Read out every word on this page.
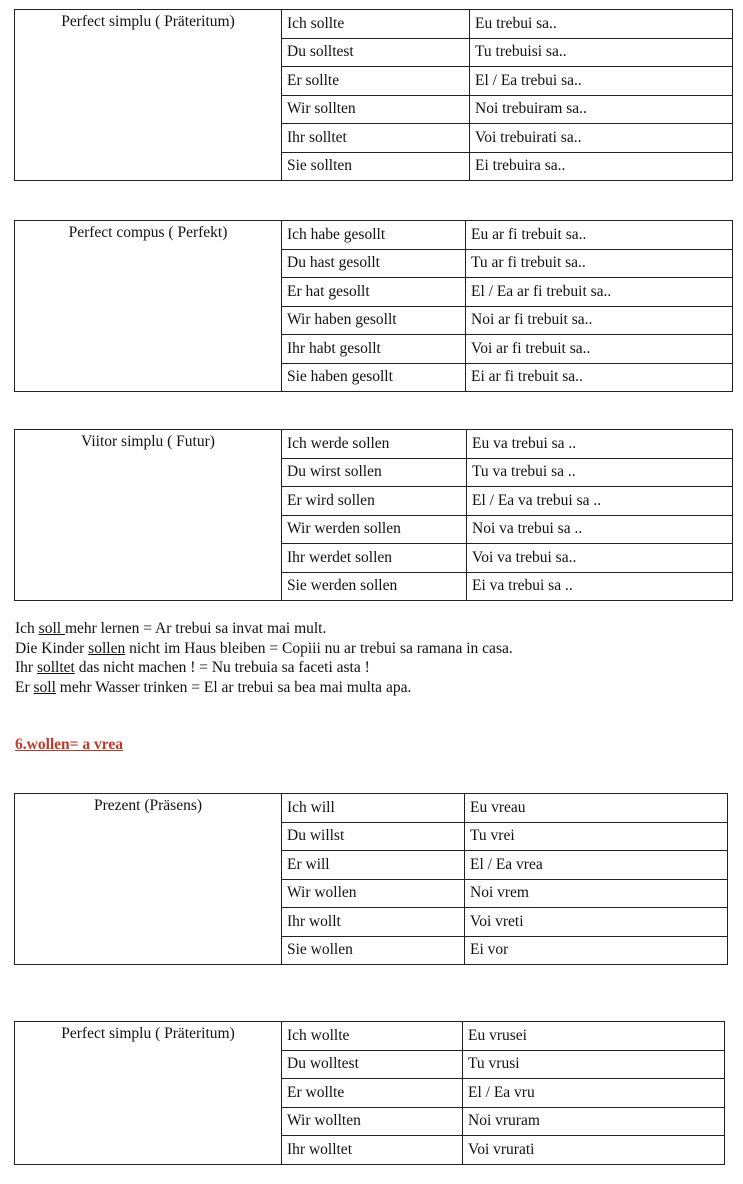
Perfect simplu ( Präteritum)	Ich sollte	Eu trebui sa..
	Du solltest	Tu trebuisi sa..
	Er sollte	El / Ea trebui sa..
	Wir sollten	Noi trebuiram sa..
	Ihr solltet	Voi trebuirati sa..
	Sie sollten	Ei trebuira sa..
Perfect compus ( Perfekt)	Ich habe gesollt	Eu ar fi trebuit sa..
	Du hast gesollt	Tu ar fi trebuit sa..
	Er hat gesollt	El / Ea ar fi trebuit sa..
	Wir haben gesollt	Noi ar fi trebuit sa..
	Ihr habt gesollt	Voi ar fi trebuit sa..
	Sie haben gesollt	Ei ar fi trebuit sa..
Viitor simplu ( Futur)	Ich werde sollen	Eu va trebui sa ..
	Du wirst sollen	Tu va trebui sa ..
	Er wird sollen	El / Ea va trebui sa ..
	Wir werden sollen	Noi va trebui sa ..
	Ihr werdet sollen	Voi va trebui sa..
	Sie werden sollen	Ei va trebui sa ..

Ich soll mehr lernen = Ar trebui sa invat mai mult.

Die Kinder sollen nicht im Haus bleiben = Copiii nu ar trebui sa ramana in casa.

Ihr solltet das nicht machen ! = Nu trebuia sa faceti asta !

Er soll mehr Wasser trinken = El ar trebui sa bea mai multa apa.

6.wollen= a vrea
Prezent (Präsens)	Ich will	Eu vreau
	Du willst	Tu vrei
	Er will	El / Ea vrea
	Wir wollen	Noi vrem
	Ihr wollt	Voi vreti
	Sie wollen	Ei vor
Perfect simplu ( Präteritum)	Ich wollte	Eu vrusei
	Du wolltest	Tu vrusi
	Er wollte	El / Ea vru
	Wir wollten	Noi vruram
	Ihr wolltet	Voi vrurati
